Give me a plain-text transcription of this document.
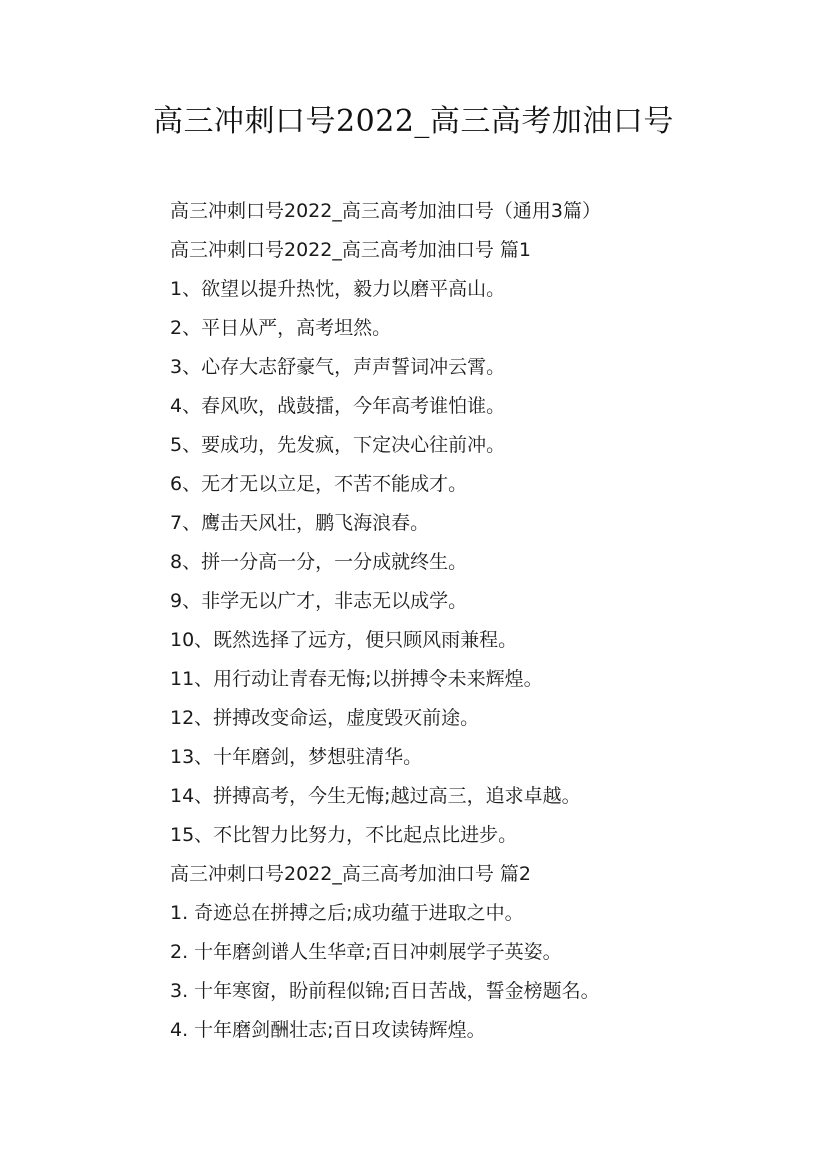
高三冲刺口号2022_高三高考加油口号
高三冲刺口号2022_高三高考加油口号（通用3篇）
高三冲刺口号2022_高三高考加油口号 篇1
1、欲望以提升热忱，毅力以磨平高山。
2、平日从严，高考坦然。
3、心存大志舒豪气，声声誓词冲云霄。
4、春风吹，战鼓擂，今年高考谁怕谁。
5、要成功，先发疯，下定决心往前冲。
6、无才无以立足，不苦不能成才。
7、鹰击天风壮，鹏飞海浪春。
8、拼一分高一分，一分成就终生。
9、非学无以广才，非志无以成学。
10、既然选择了远方，便只顾风雨兼程。
11、用行动让青春无悔;以拼搏令未来辉煌。
12、拼搏改变命运，虚度毁灭前途。
13、十年磨剑，梦想驻清华。
14、拼搏高考，今生无悔;越过高三，追求卓越。
15、不比智力比努力，不比起点比进步。
高三冲刺口号2022_高三高考加油口号 篇2
1. 奇迹总在拼搏之后;成功蕴于进取之中。
2. 十年磨剑谱人生华章;百日冲刺展学子英姿。
3. 十年寒窗，盼前程似锦;百日苦战，誓金榜题名。
4. 十年磨剑酬壮志;百日攻读铸辉煌。
